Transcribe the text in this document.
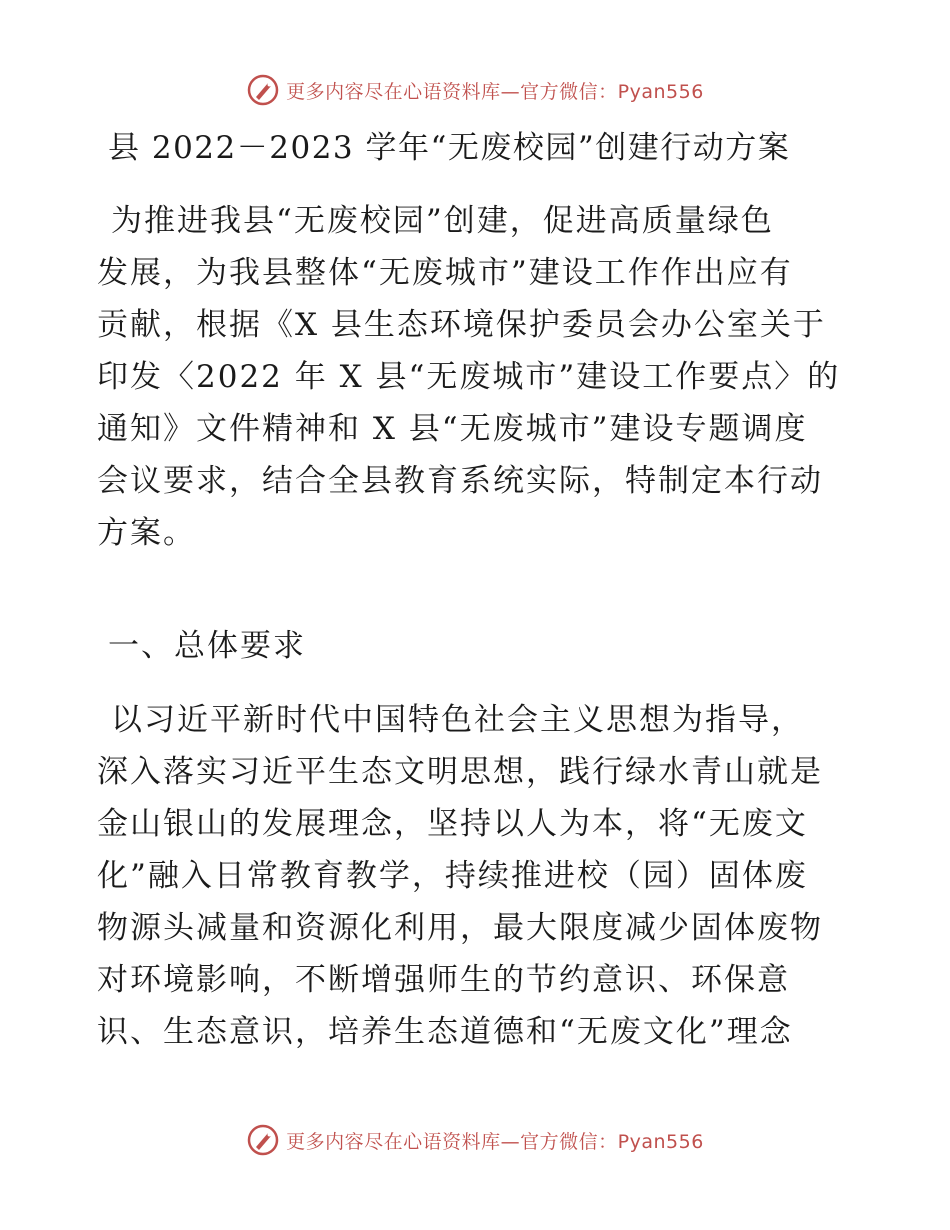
更多内容尽在心语资料库—官方微信：Pyan556
县 2022－2023 学年“无废校园”创建行动方案

为推进我县“无废校园”创建，促进高质量绿色
发展，为我县整体“无废城市”建设工作作出应有
贡献，根据《X 县生态环境保护委员会办公室关于
印发〈2022 年 X 县“无废城市”建设工作要点〉的
通知》文件精神和 X 县“无废城市”建设专题调度
会议要求，结合全县教育系统实际，特制定本行动
方案。

一、总体要求

以习近平新时代中国特色社会主义思想为指导，
深入落实习近平生态文明思想，践行绿水青山就是
金山银山的发展理念，坚持以人为本，将“无废文
化”融入日常教育教学，持续推进校（园）固体废
物源头减量和资源化利用，最大限度减少固体废物
对环境影响，不断增强师生的节约意识、环保意
识、生态意识，培养生态道德和“无废文化”理念

更多内容尽在心语资料库—官方微信：Pyan556
